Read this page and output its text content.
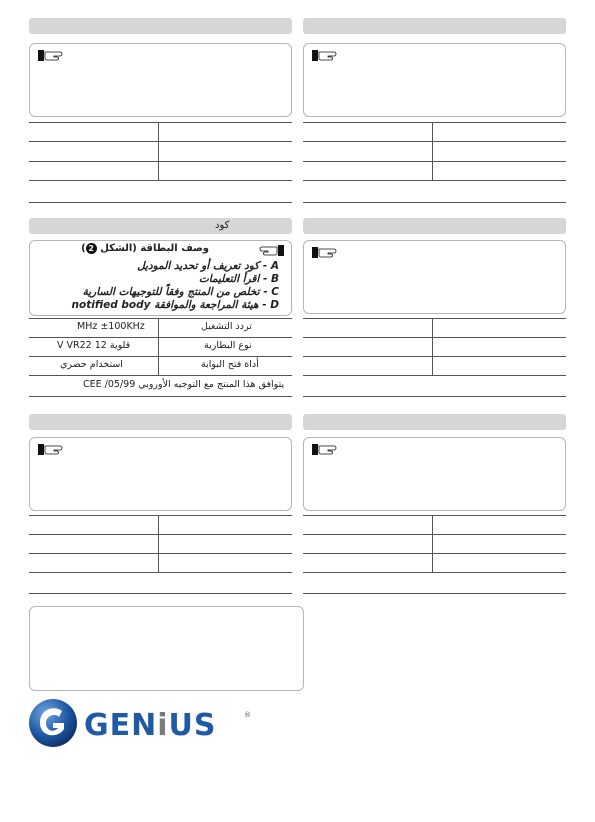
كود
وصف البطاقة (الشكل 2)
A - كود تعريف أو تحديد الموديل
B - اقرأ التعليمات
C - تخلص من المنتج وفقاً للتوجيهات السارية
D - هيئة المراجعة والموافقة notified body
تردد التشغيل
MHz ±100KHz
نوع البطارية
قلوية 12 V VR22
أداة فتح البوابة
استخدام حصري
يتوافق هذا المنتج مع التوجيه الأوروبي CEE /05/99
GENiUS	®
